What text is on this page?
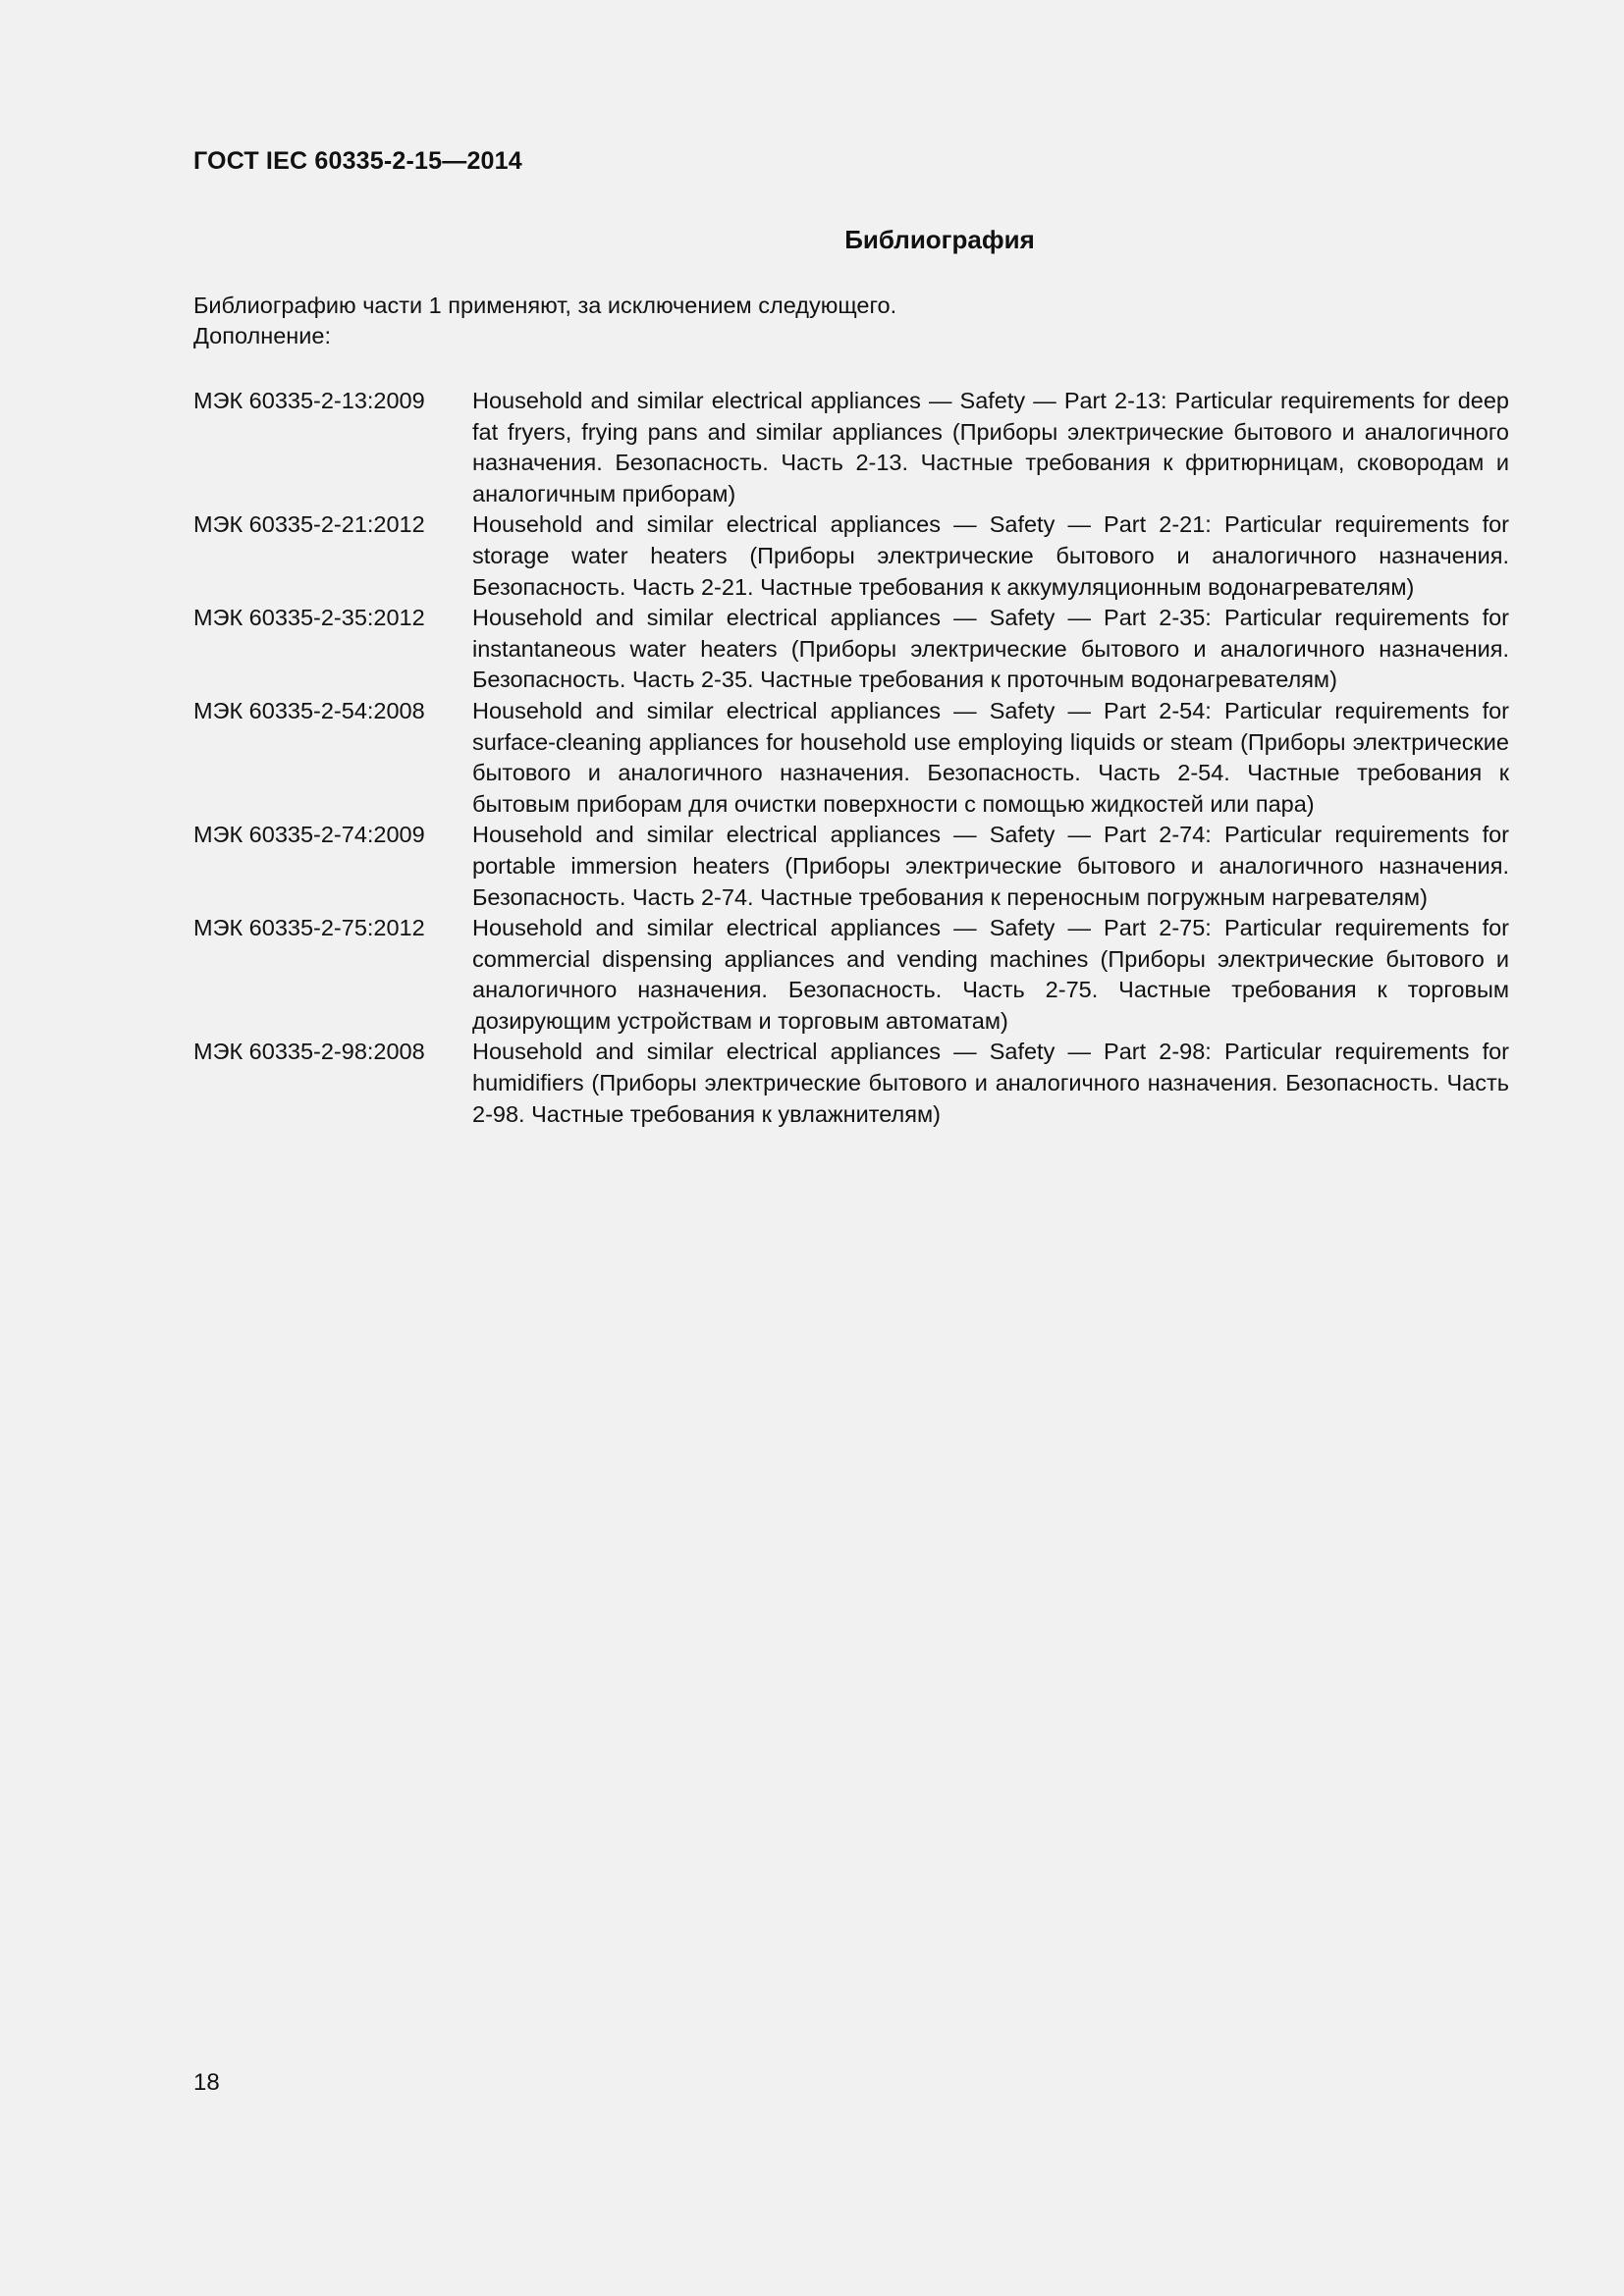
ГОСТ IEC 60335-2-15—2014
Библиография
Библиографию части 1 применяют, за исключением следующего.
Дополнение:
МЭК 60335-2-13:2009	Household and similar electrical appliances — Safety — Part 2-13: Particular requirements for deep fat fryers, frying pans and similar appliances (Приборы электрические бытового и аналогичного назначения. Безопасность. Часть 2-13. Частные требования к фритюрницам, сковородам и аналогичным приборам)
МЭК 60335-2-21:2012	Household and similar electrical appliances — Safety — Part 2-21: Particular requirements for storage water heaters (Приборы электрические бытового и аналогичного назначения. Безопасность. Часть 2-21. Частные требования к аккумуляционным водонагревателям)
МЭК 60335-2-35:2012	Household and similar electrical appliances — Safety — Part 2-35: Particular requirements for instantaneous water heaters (Приборы электрические бытового и аналогичного назначения. Безопасность. Часть 2-35. Частные требования к проточным водонагревателям)
МЭК 60335-2-54:2008	Household and similar electrical appliances — Safety — Part 2-54: Particular requirements for surface-cleaning appliances for household use employing liquids or steam (Приборы электрические бытового и аналогичного назначения. Безопасность. Часть 2-54. Частные требования к бытовым приборам для очистки поверхности с помощью жидкостей или пара)
МЭК 60335-2-74:2009	Household and similar electrical appliances — Safety — Part 2-74: Particular requirements for portable immersion heaters (Приборы электрические бытового и аналогичного назначения. Безопасность. Часть 2-74. Частные требования к переносным погружным нагревателям)
МЭК 60335-2-75:2012	Household and similar electrical appliances — Safety — Part 2-75: Particular requirements for commercial dispensing appliances and vending machines (Приборы электрические бытового и аналогичного назначения. Безопасность. Часть 2-75. Частные требования к торговым дозирующим устройствам и торговым автоматам)
МЭК 60335-2-98:2008	Household and similar electrical appliances — Safety — Part 2-98: Particular requirements for humidifiers (Приборы электрические бытового и аналогичного назначения. Безопасность. Часть 2-98. Частные требования к увлажнителям)
18
